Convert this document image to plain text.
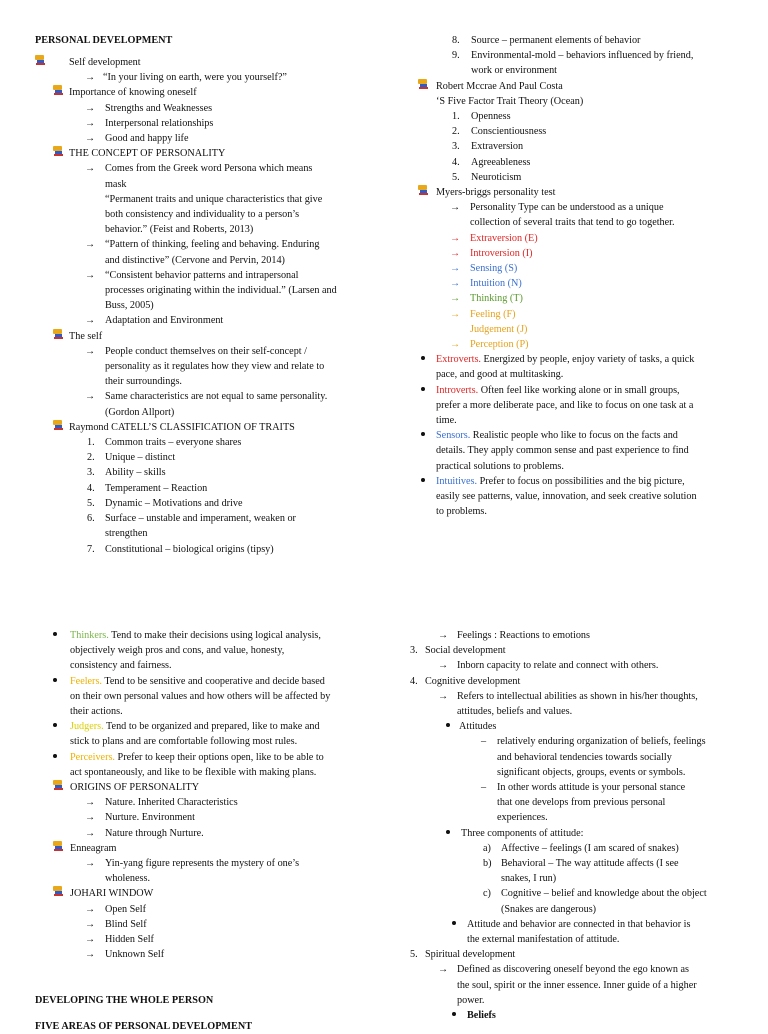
PERSONAL DEVELOPMENT
Self development
→ “In your living on earth, were you yourself?”
Importance of knowing oneself
→ Strengths and Weaknesses
→ Interpersonal relationships
→ Good and happy life
THE CONCEPT OF PERSONALITY
→ Comes from the Greek word Persona which means
mask
“Permanent traits and unique characteristics that give
both consistency and individuality to a person’s
behavior.” (Feist and Roberts, 2013)
→ “Pattern of thinking, feeling and behaving. Enduring
and distinctive” (Cervone and Pervin, 2014)
→ “Consistent behavior patterns and intrapersonal
processes originating within the individual.” (Larsen and
Buss, 2005)
→ Adaptation and Environment
The self
→ People conduct themselves on their self-concept /
personality as it regulates how they view and relate to
their surroundings.
→ Same characteristics are not equal to same personality.
(Gordon Allport)
Raymond CATELL’S CLASSIFICATION OF TRAITS
1. Common traits – everyone shares
2. Unique – distinct
3. Ability – skills
4. Temperament – Reaction
5. Dynamic – Motivations and drive
6. Surface – unstable and imperament, weaken or
strengthen
7. Constitutional – biological origins (tipsy)
8. Source – permanent elements of behavior
9. Environmental-mold – behaviors influenced by friend,
work or environment
Robert Mccrae And Paul Costa
‘S Five Factor Trait Theory (Ocean)
1. Openness
2. Conscientiousness
3. Extraversion
4. Agreeableness
5. Neuroticism
Myers-briggs personality test
→ Personality Type can be understood as a unique
collection of several traits that tend to go together.
→ Extraversion (E)
→ Introversion (I)
→ Sensing (S)
→ Intuition (N)
→ Thinking (T)
→ Feeling (F)
Judgement (J)
→ Perception (P)
Extroverts. Energized by people, enjoy variety of tasks, a quick
pace, and good at multitasking.
Introverts. Often feel like working alone or in small groups,
prefer a more deliberate pace, and like to focus on one task at a
time.
Sensors. Realistic people who like to focus on the facts and
details. They apply common sense and past experience to find
practical solutions to problems.
Intuitives. Prefer to focus on possibilities and the big picture,
easily see patterns, value, innovation, and seek creative solution
to problems.
Thinkers. Tend to make their decisions using logical analysis,
objectively weigh pros and cons, and value, honesty,
consistency and fairness.
Feelers. Tend to be sensitive and cooperative and decide based
on their own personal values and how others will be affected by
their actions.
Judgers. Tend to be organized and prepared, like to make and
stick to plans and are comfortable following most rules.
Perceivers. Prefer to keep their options open, like to be able to
act spontaneously, and like to be flexible with making plans.
ORIGINS OF PERSONALITY
→ Nature. Inherited Characteristics
→ Nurture. Environment
→ Nature through Nurture.
Enneagram
→ Yin-yang figure represents the mystery of one’s
wholeness.
JOHARI WINDOW
→ Open Self
→ Blind Self
→ Hidden Self
→ Unknown Self
DEVELOPING THE WHOLE PERSON
FIVE AREAS OF PERSONAL DEVELOPMENT
→ Feelings : Reactions to emotions
3. Social development
→ Inborn capacity to relate and connect with others.
4. Cognitive development
→ Refers to intellectual abilities as shown in his/her thoughts,
attitudes, beliefs and values.
Attitudes
– relatively enduring organization of beliefs, feelings
and behavioral tendencies towards socially
significant objects, groups, events or symbols.
– In other words attitude is your personal stance
that one develops from previous personal
experiences.
Three components of attitude:
a) Affective – feelings (I am scared of snakes)
b) Behavioral – The way attitude affects (I see
snakes, I run)
c) Cognitive – belief and knowledge about the object
(Snakes are dangerous)
Attitude and behavior are connected in that behavior is
the external manifestation of attitude.
5. Spiritual development
→ Defined as discovering oneself beyond the ego known as
the soul, spirit or the inner essence. Inner guide of a higher
power.
Beliefs
